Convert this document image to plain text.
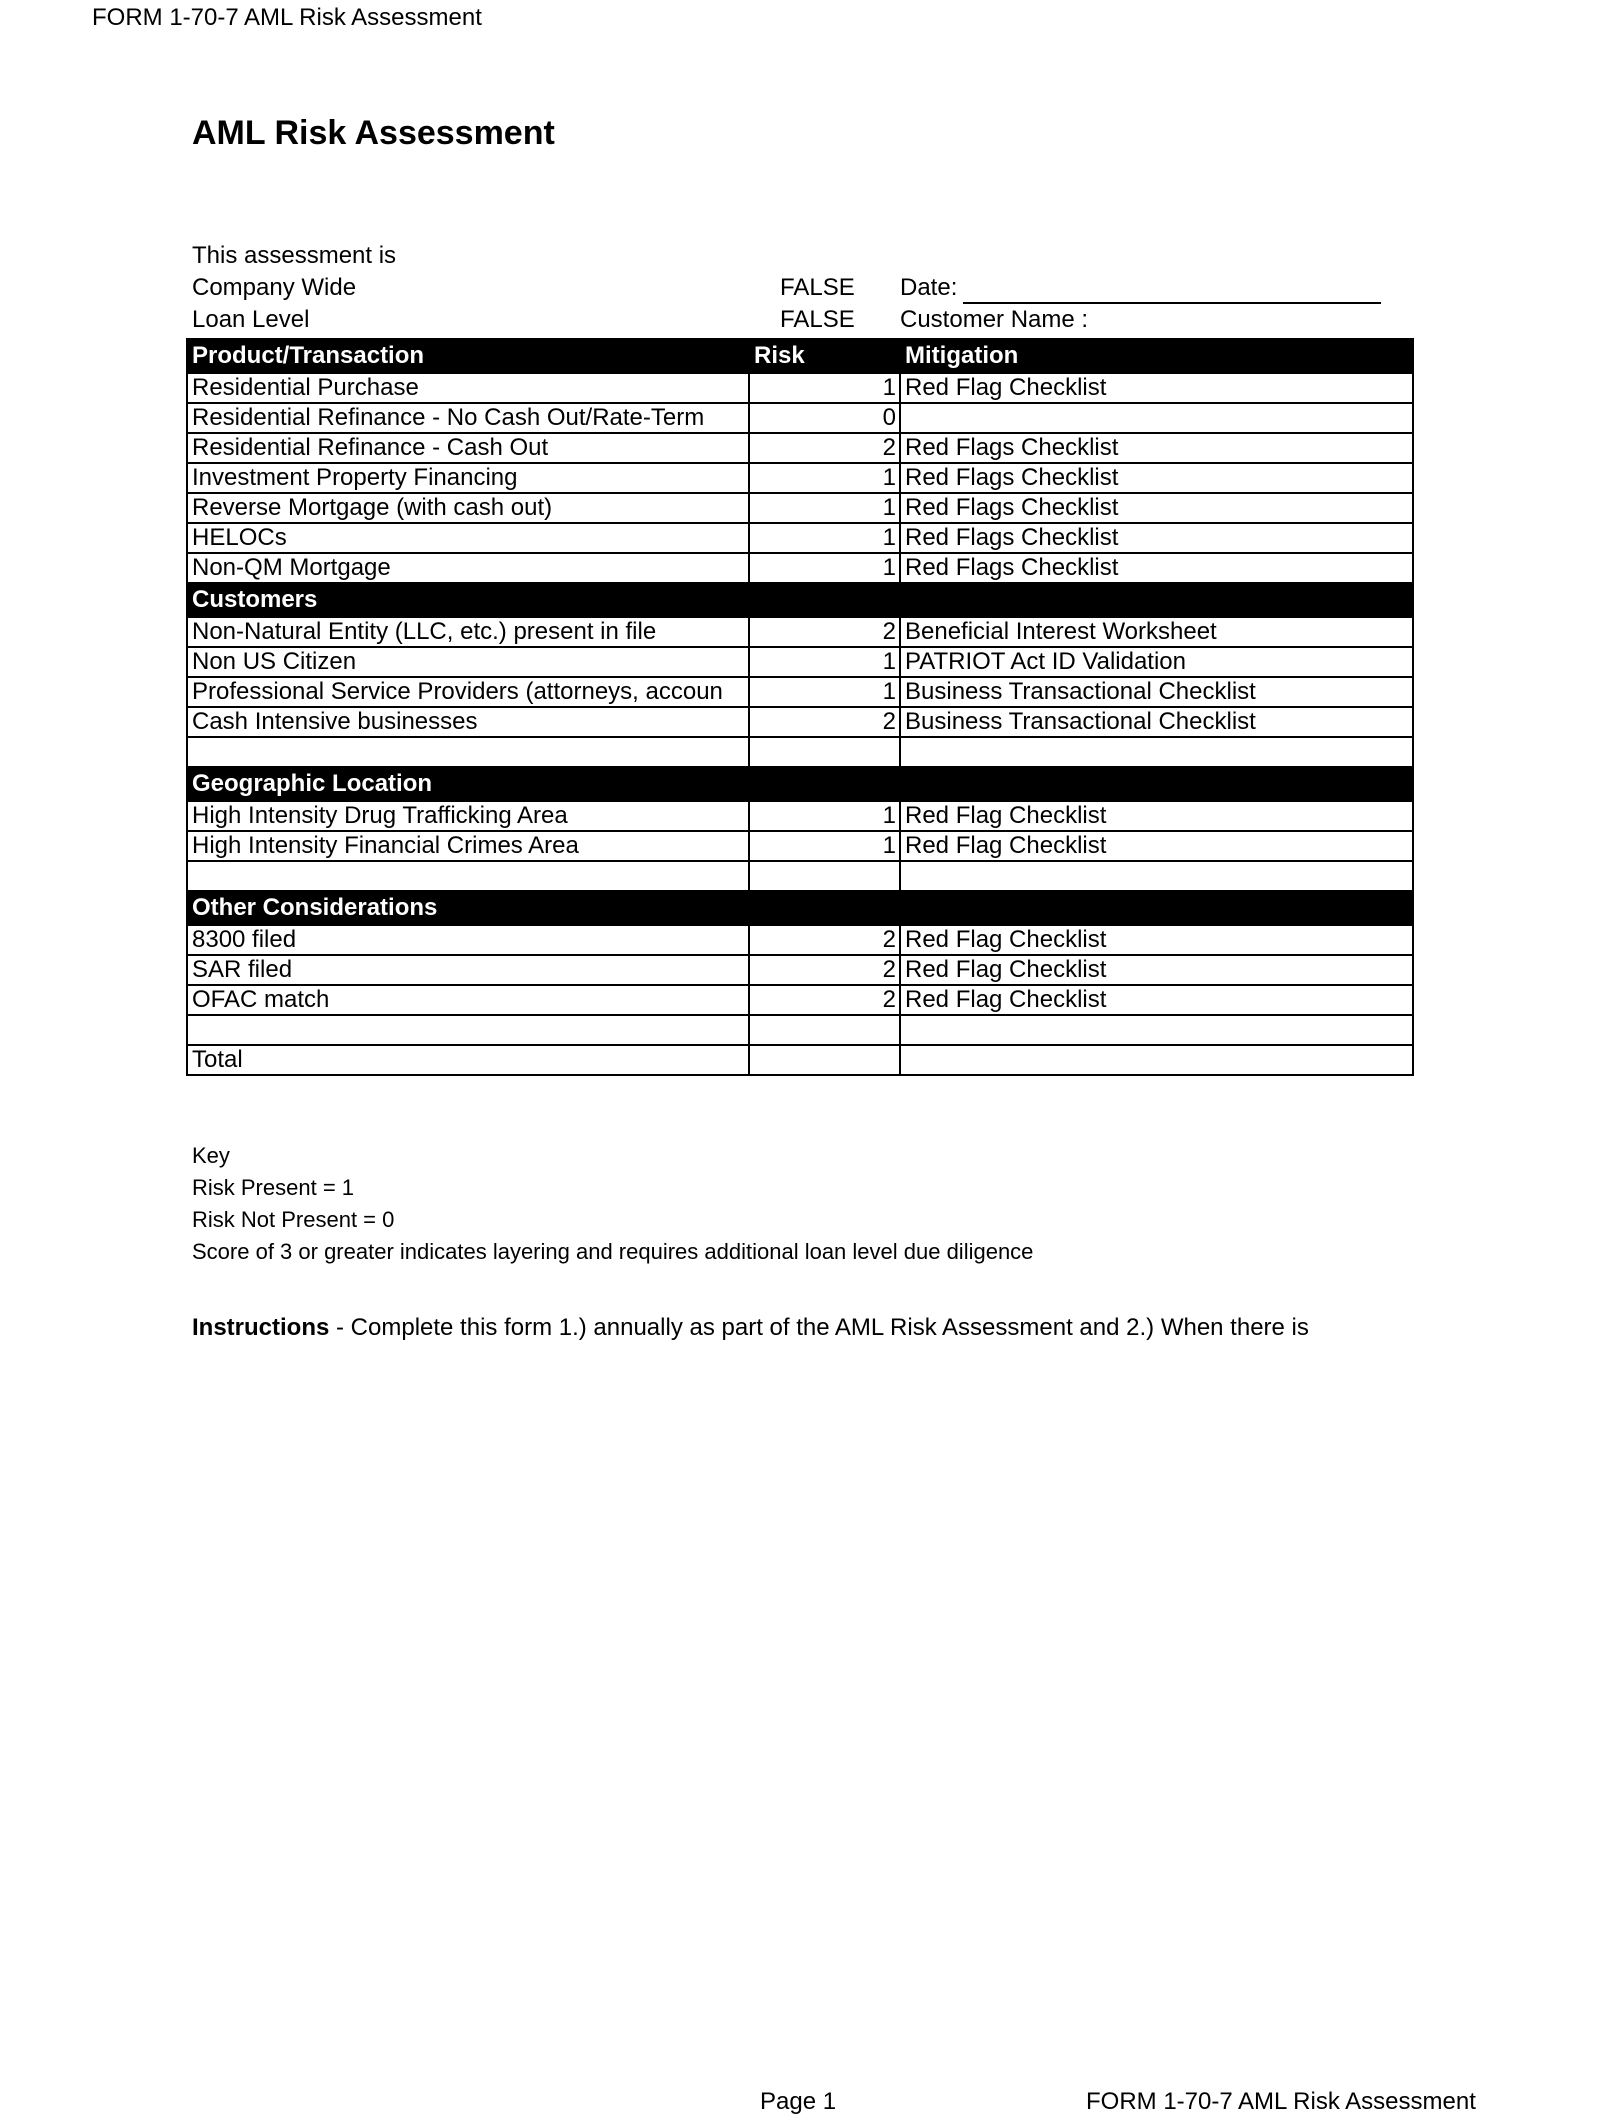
FORM 1-70-7 AML Risk Assessment
AML Risk Assessment
This assessment is
Company Wide	FALSE Date:
Loan Level	FALSE Customer Name :
Product/Transaction	Risk	Mitigation
Residential Purchase	1	Red Flag Checklist
Residential Refinance - No Cash Out/Rate-Term	0	
Residential Refinance - Cash Out	2	Red Flags Checklist
Investment Property Financing	1	Red Flags Checklist
Reverse Mortgage (with cash out)	1	Red Flags Checklist
HELOCs	1	Red Flags Checklist
Non-QM Mortgage	1	Red Flags Checklist
Customers		
Non-Natural Entity (LLC, etc.) present in file	2	Beneficial Interest Worksheet
Non US Citizen	1	PATRIOT Act ID Validation
Professional Service Providers (attorneys, accoun	1	Business Transactional Checklist
Cash Intensive businesses	2	Business Transactional Checklist

Geographic Location		
High Intensity Drug Trafficking Area	1	Red Flag Checklist
High Intensity Financial Crimes Area	1	Red Flag Checklist

Other Considerations		
8300 filed	2	Red Flag Checklist
SAR filed	2	Red Flag Checklist
OFAC match	2	Red Flag Checklist

Total		
Key
Risk Present = 1
Risk Not Present = 0
Score of 3 or greater indicates layering and requires additional loan level due diligence
Instructions - Complete this form 1.) annually as part of the AML Risk Assessment and 2.) When there is
Page 1	FORM 1-70-7 AML Risk Assessment
